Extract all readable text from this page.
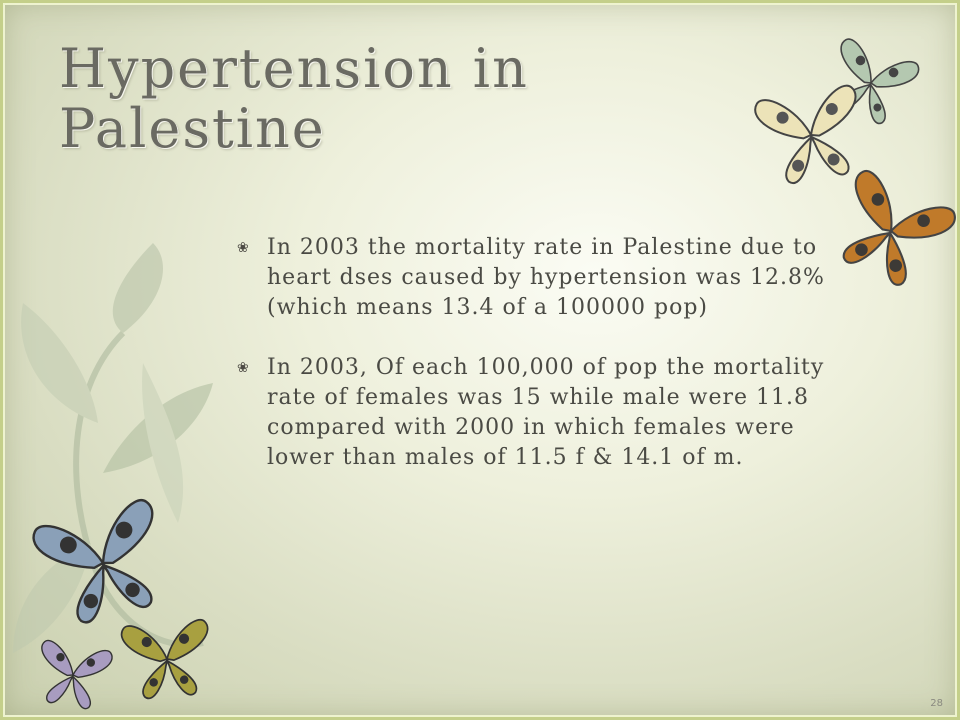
Hypertension in
Palestine
❀ In 2003 the mortality rate in Palestine due to heart dses caused by hypertension was 12.8% (which means 13.4 of a 100000 pop)
❀ In 2003, Of each 100,000 of pop the mortality rate of females was 15 while male were 11.8 compared with 2000 in which females were lower than males of 11.5 f & 14.1 of m.
28
